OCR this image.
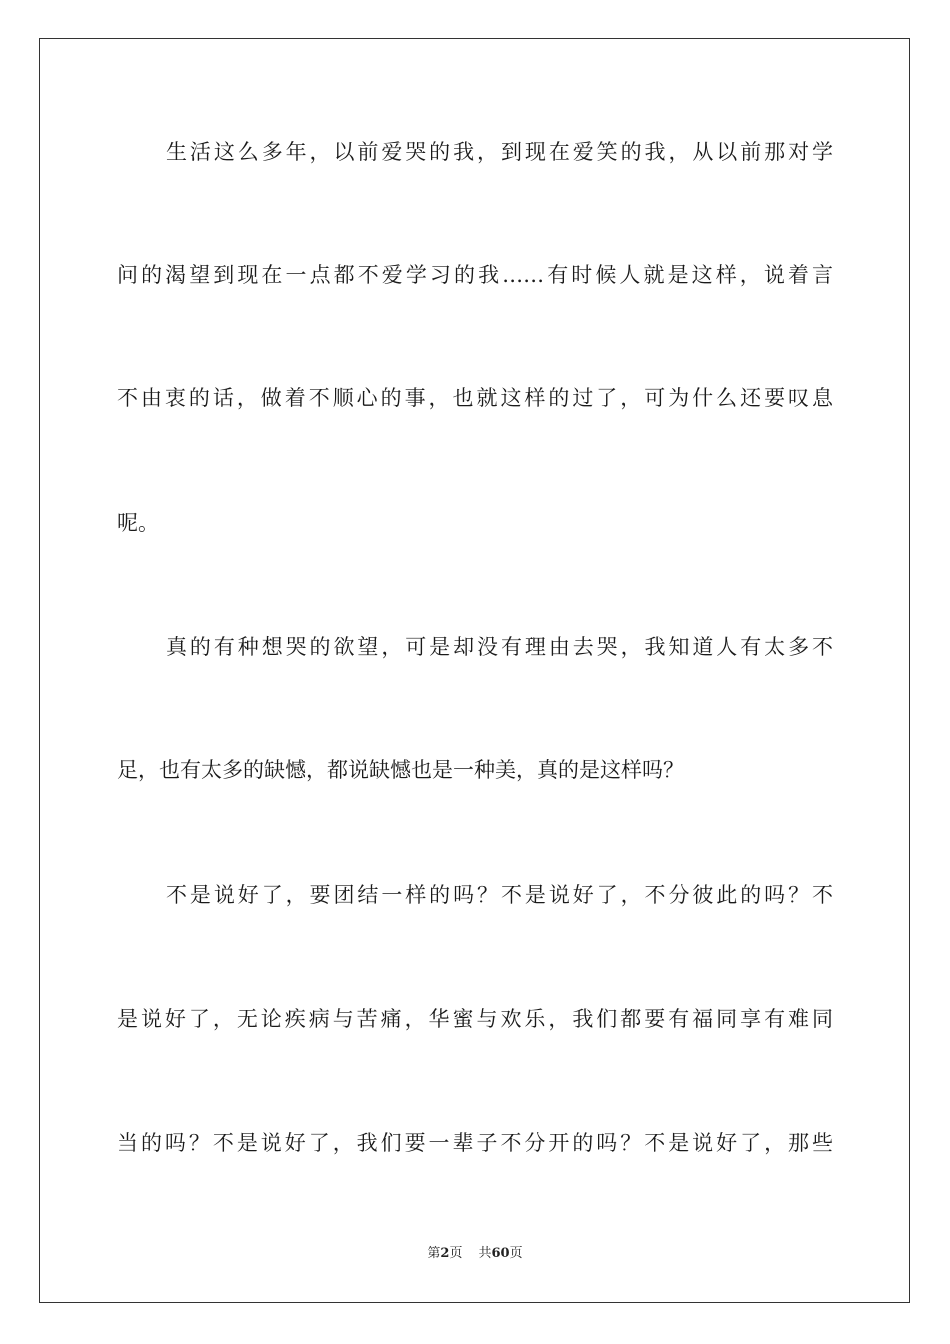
生活这么多年，以前爱哭的我，到现在爱笑的我，从以前那对学
问的渴望到现在一点都不爱学习的我……有时候人就是这样，说着言
不由衷的话，做着不顺心的事，也就这样的过了，可为什么还要叹息
呢。
真的有种想哭的欲望，可是却没有理由去哭，我知道人有太多不
足，也有太多的缺憾，都说缺憾也是一种美，真的是这样吗？
不是说好了，要团结一样的吗？不是说好了，不分彼此的吗？不
是说好了，无论疾病与苦痛，华蜜与欢乐，我们都要有福同享有难同
当的吗？不是说好了，我们要一辈子不分开的吗？不是说好了，那些
第2页 共60页
